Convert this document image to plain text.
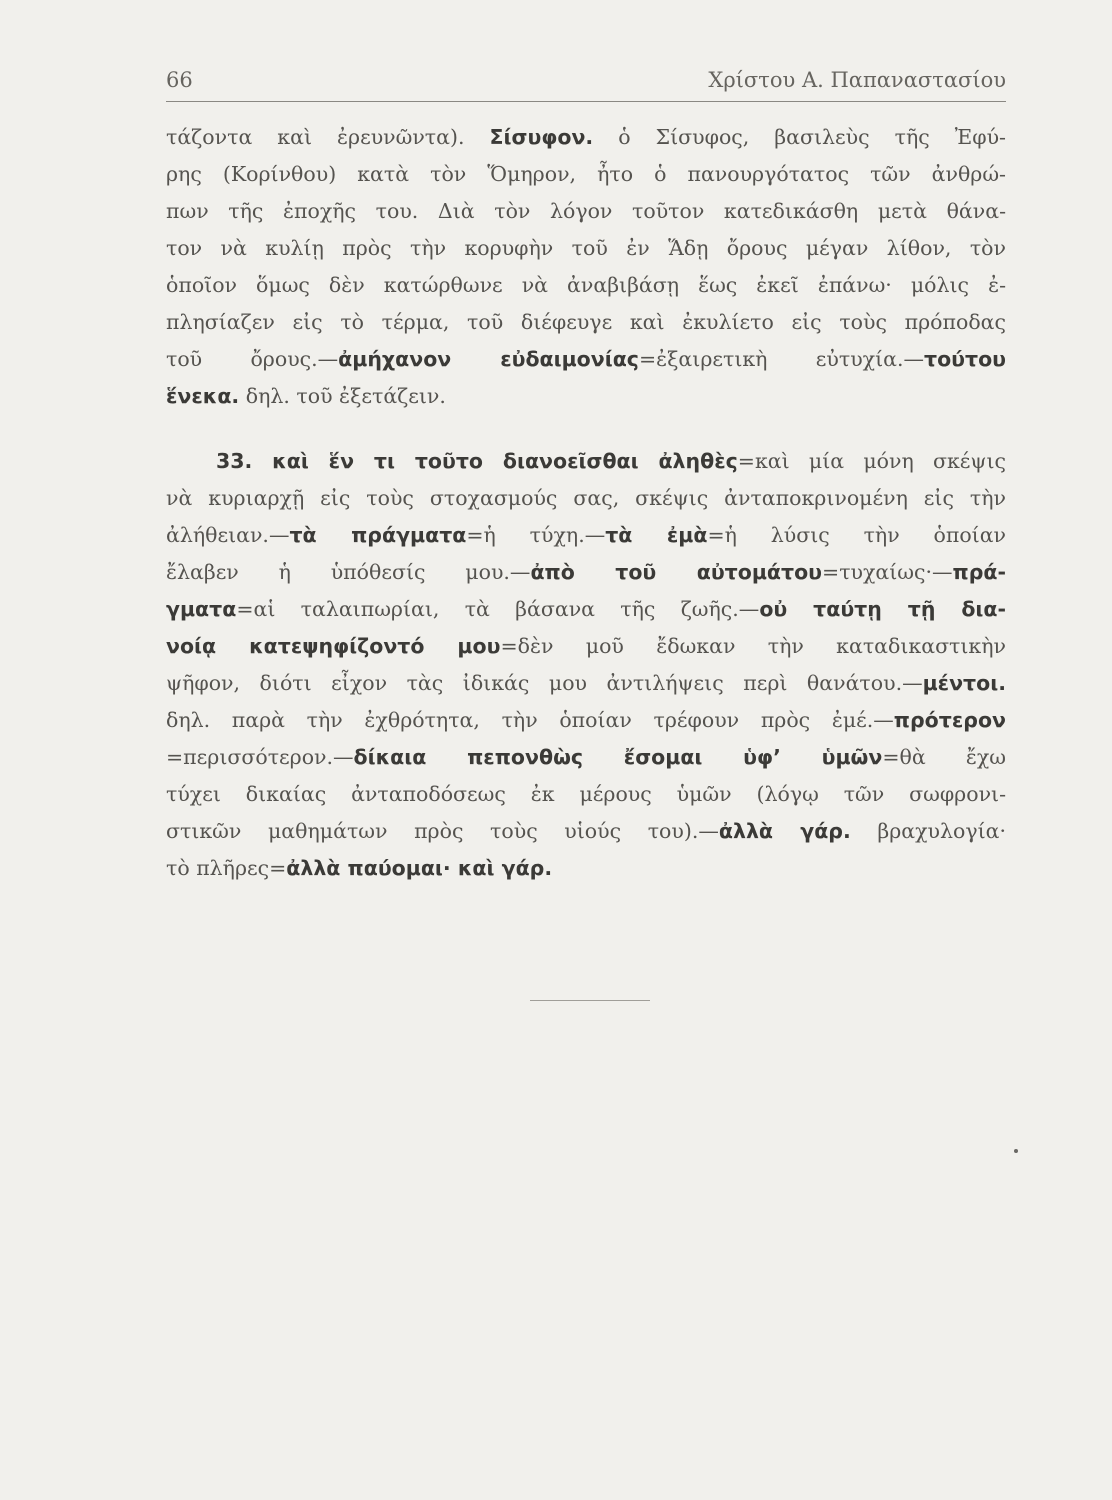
66	Χρίστου Α. Παπαναστασίου
τάζοντα καὶ ἐρευνῶντα). Σίσυφον. ὁ Σίσυφος, βασιλεὺς τῆς Ἐφύ-
ρης (Κορίνθου) κατὰ τὸν Ὅμηρον, ἦτο ὁ πανουργότατος τῶν ἀνθρώ-
πων τῆς ἐποχῆς του. Διὰ τὸν λόγον τοῦτον κατεδικάσθη μετὰ θάνα-
τον νὰ κυλίῃ πρὸς τὴν κορυφὴν τοῦ ἐν Ἅδῃ ὄρους μέγαν λίθον, τὸν
ὁποῖον ὅμως δὲν κατώρθωνε νὰ ἀναβιβάσῃ ἕως ἐκεῖ ἐπάνω· μόλις ἐ-
πλησίαζεν εἰς τὸ τέρμα, τοῦ διέφευγε καὶ ἐκυλίετο εἰς τοὺς πρόποδας
τοῦ ὄρους.—ἀμήχανον εὐδαιμονίας=ἐξαιρετικὴ εὐτυχία.—τούτου
ἕνεκα. δηλ. τοῦ ἐξετάζειν.
33. καὶ ἕν τι τοῦτο διανοεῖσθαι ἀληθὲς=καὶ μία μόνη σκέψις
νὰ κυριαρχῇ εἰς τοὺς στοχασμούς σας, σκέψις ἀνταποκρινομένη εἰς τὴν
ἀλήθειαν.—τὰ πράγματα=ἡ τύχη.—τὰ ἐμὰ=ἡ λύσις τὴν ὁποίαν
ἔλαβεν ἡ ὑπόθεσίς μου.—ἀπὸ τοῦ αὐτομάτου=τυχαίως·—πρά-
γματα=αἱ ταλαιπωρίαι, τὰ βάσανα τῆς ζωῆς.—οὐ ταύτῃ τῇ δια-
νοίᾳ κατεψηφίζοντό μου=δὲν μοῦ ἔδωκαν τὴν καταδικαστικὴν
ψῆφον, διότι εἶχον τὰς ἰδικάς μου ἀντιλήψεις περὶ θανάτου.—μέντοι.
δηλ. παρὰ τὴν ἐχθρότητα, τὴν ὁποίαν τρέφουν πρὸς ἐμέ.—πρότερον
=περισσότερον.—δίκαια πεπονθὼς ἔσομαι ὑφ’ ὑμῶν=θὰ ἔχω
τύχει δικαίας ἀνταποδόσεως ἐκ μέρους ὑμῶν (λόγῳ τῶν σωφρονι-
στικῶν μαθημάτων πρὸς τοὺς υἱούς του).—ἀλλὰ γάρ. βραχυλογία·
τὸ πλῆρες=ἀλλὰ παύομαι· καὶ γάρ.
